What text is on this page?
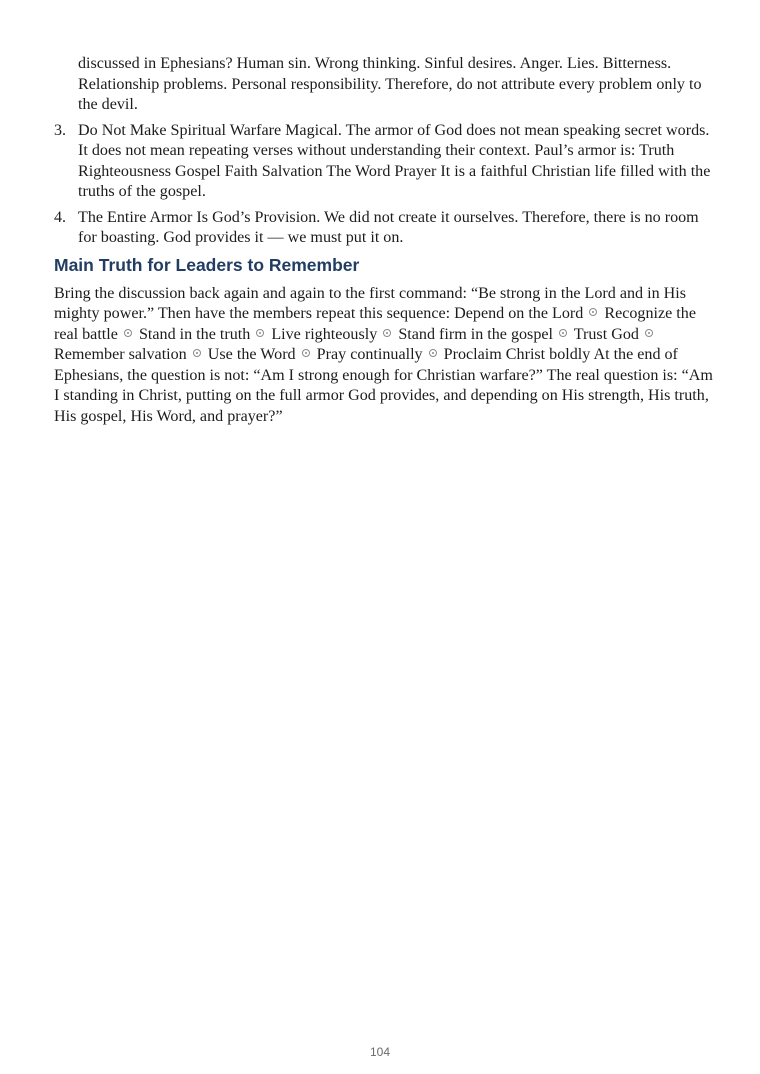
discussed in Ephesians? Human sin. Wrong thinking. Sinful desires. Anger. Lies. Bitterness. Relationship problems. Personal responsibility. Therefore, do not attribute every problem only to the devil.

3. Do Not Make Spiritual Warfare Magical. The armor of God does not mean speaking secret words. It does not mean repeating verses without understanding their context. Paul’s armor is: Truth Righteousness Gospel Faith Salvation The Word Prayer It is a faithful Christian life filled with the truths of the gospel.
4. The Entire Armor Is God’s Provision. We did not create it ourselves. Therefore, there is no room for boasting. God provides it — we must put it on.
Main Truth for Leaders to Remember

Bring the discussion back again and again to the first command: “Be strong in the Lord and in His mighty power.” Then have the members repeat this sequence: Depend on the Lord Recognize the real battle Stand in the truth Live righteously Stand firm in the gospel Trust God  Remember salvation Use the Word Pray continually Proclaim Christ boldly At the end of Ephesians, the question is not: “Am I strong enough for Christian warfare?” The real question is: “Am I standing in Christ, putting on the full armor God provides, and depending on His strength, His truth, His gospel, His Word, and prayer?”

104
